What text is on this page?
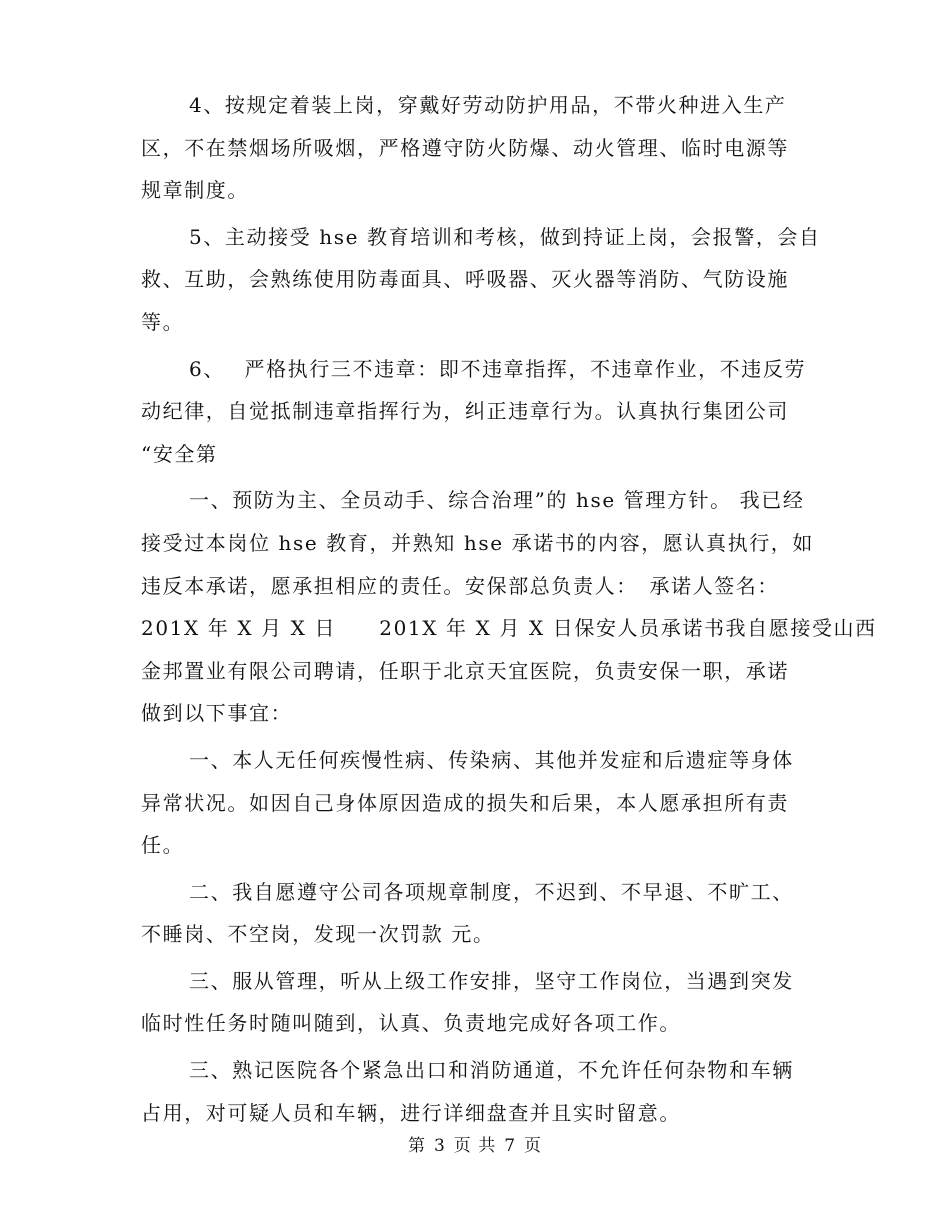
4、按规定着装上岗，穿戴好劳动防护用品，不带火种进入生产
区，不在禁烟场所吸烟，严格遵守防火防爆、动火管理、临时电源等
规章制度。

5、主动接受 hse 教育培训和考核，做到持证上岗，会报警，会自
救、互助，会熟练使用防毒面具、呼吸器、灭火器等消防、气防设施
等。

6、　 严格执行三不违章：即不违章指挥，不违章作业，不违反劳
动纪律，自觉抵制违章指挥行为，纠正违章行为。认真执行集团公司
“安全第

一、预防为主、全员动手、综合治理”的 hse 管理方针。 我已经
接受过本岗位 hse 教育，并熟知 hse 承诺书的内容，愿认真执行，如
违反本承诺，愿承担相应的责任。安保部总负责人：　承诺人签名：
201X 年 X 月 X 日　　201X 年 X 月 X 日保安人员承诺书我自愿接受山西
金邦置业有限公司聘请，任职于北京天宜医院，负责安保一职，承诺
做到以下事宜：

一、本人无任何疾慢性病、传染病、其他并发症和后遗症等身体
异常状况。如因自己身体原因造成的损失和后果，本人愿承担所有责
任。

二、我自愿遵守公司各项规章制度，不迟到、不早退、不旷工、
不睡岗、不空岗，发现一次罚款 元。

三、服从管理，听从上级工作安排，坚守工作岗位，当遇到突发
临时性任务时随叫随到，认真、负责地完成好各项工作。

三、熟记医院各个紧急出口和消防通道，不允许任何杂物和车辆
占用，对可疑人员和车辆，进行详细盘查并且实时留意。

第 3 页 共 7 页
